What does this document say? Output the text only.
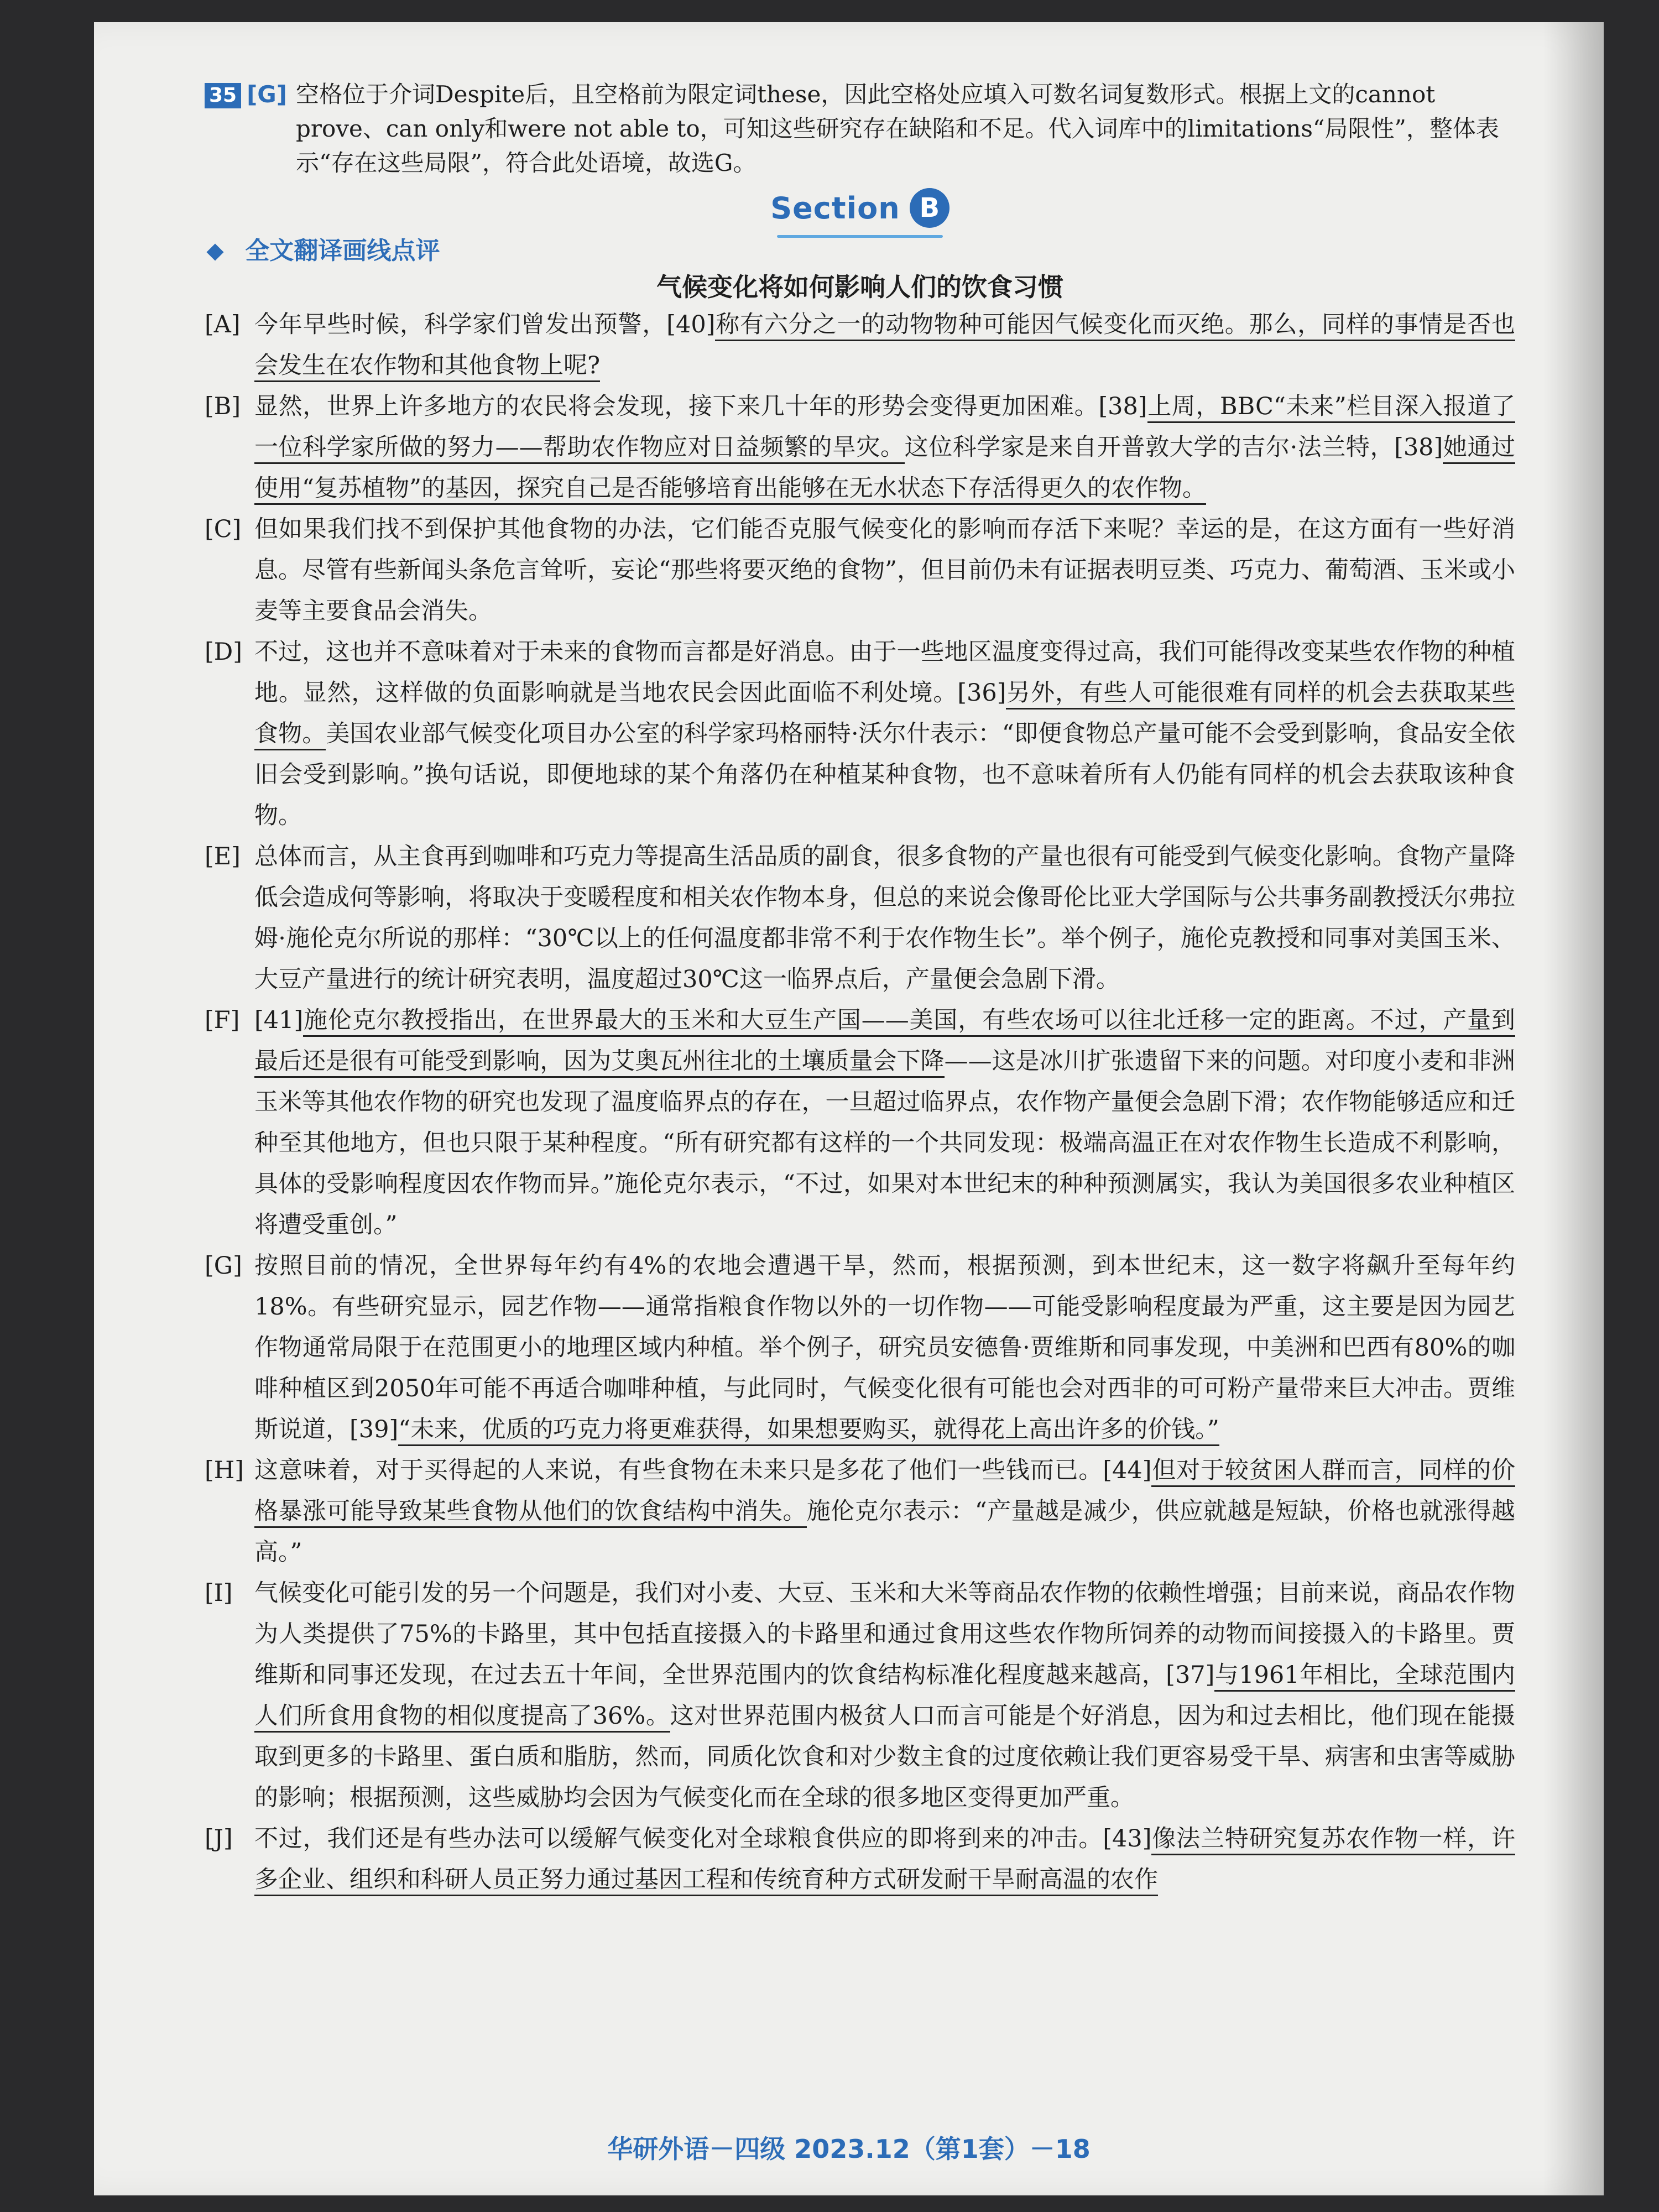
35 [G] 空格位于介词Despite后，且空格前为限定词these，因此空格处应填入可数名词复数形式。根据上文的cannot prove、can only和were not able to，可知这些研究存在缺陷和不足。代入词库中的limitations“局限性”，整体表示“存在这些局限”，符合此处语境，故选G。
Section B
全文翻译画线点评
气候变化将如何影响人们的饮食习惯
[A] 今年早些时候，科学家们曾发出预警，[40]称有六分之一的动物物种可能因气候变化而灭绝。那么，同样的事情是否也会发生在农作物和其他食物上呢?
[B] 显然，世界上许多地方的农民将会发现，接下来几十年的形势会变得更加困难。[38]上周，BBC“未来”栏目深入报道了一位科学家所做的努力——帮助农作物应对日益频繁的旱灾。这位科学家是来自开普敦大学的吉尔·法兰特，[38]她通过使用“复苏植物”的基因，探究自己是否能够培育出能够在无水状态下存活得更久的农作物。
[C] 但如果我们找不到保护其他食物的办法，它们能否克服气候变化的影响而存活下来呢？幸运的是，在这方面有一些好消息。尽管有些新闻头条危言耸听，妄论“那些将要灭绝的食物”，但目前仍未有证据表明豆类、巧克力、葡萄酒、玉米或小麦等主要食品会消失。
[D] 不过，这也并不意味着对于未来的食物而言都是好消息。由于一些地区温度变得过高，我们可能得改变某些农作物的种植地。显然，这样做的负面影响就是当地农民会因此面临不利处境。[36]另外，有些人可能很难有同样的机会去获取某些食物。美国农业部气候变化项目办公室的科学家玛格丽特·沃尔什表示：“即便食物总产量可能不会受到影响，食品安全依旧会受到影响。”换句话说，即便地球的某个角落仍在种植某种食物，也不意味着所有人仍能有同样的机会去获取该种食物。
[E] 总体而言，从主食再到咖啡和巧克力等提高生活品质的副食，很多食物的产量也很有可能受到气候变化影响。食物产量降低会造成何等影响，将取决于变暖程度和相关农作物本身，但总的来说会像哥伦比亚大学国际与公共事务副教授沃尔弗拉姆·施伦克尔所说的那样：“30℃以上的任何温度都非常不利于农作物生长”。举个例子，施伦克教授和同事对美国玉米、大豆产量进行的统计研究表明，温度超过30℃这一临界点后，产量便会急剧下滑。
[F] [41]施伦克尔教授指出，在世界最大的玉米和大豆生产国——美国，有些农场可以往北迁移一定的距离。不过，产量到最后还是很有可能受到影响，因为艾奥瓦州往北的土壤质量会下降——这是冰川扩张遗留下来的问题。对印度小麦和非洲玉米等其他农作物的研究也发现了温度临界点的存在，一旦超过临界点，农作物产量便会急剧下滑；农作物能够适应和迁种至其他地方，但也只限于某种程度。“所有研究都有这样的一个共同发现：极端高温正在对农作物生长造成不利影响，具体的受影响程度因农作物而异。”施伦克尔表示，“不过，如果对本世纪末的种种预测属实，我认为美国很多农业种植区将遭受重创。”
[G] 按照目前的情况，全世界每年约有4%的农地会遭遇干旱，然而，根据预测，到本世纪末，这一数字将飙升至每年约18%。有些研究显示，园艺作物——通常指粮食作物以外的一切作物——可能受影响程度最为严重，这主要是因为园艺作物通常局限于在范围更小的地理区域内种植。举个例子，研究员安德鲁·贾维斯和同事发现，中美洲和巴西有80%的咖啡种植区到2050年可能不再适合咖啡种植，与此同时，气候变化很有可能也会对西非的可可粉产量带来巨大冲击。贾维斯说道，[39]“未来，优质的巧克力将更难获得，如果想要购买，就得花上高出许多的价钱。”
[H] 这意味着，对于买得起的人来说，有些食物在未来只是多花了他们一些钱而已。[44]但对于较贫困人群而言，同样的价格暴涨可能导致某些食物从他们的饮食结构中消失。施伦克尔表示：“产量越是减少，供应就越是短缺，价格也就涨得越高。”
[I] 气候变化可能引发的另一个问题是，我们对小麦、大豆、玉米和大米等商品农作物的依赖性增强；目前来说，商品农作物为人类提供了75%的卡路里，其中包括直接摄入的卡路里和通过食用这些农作物所饲养的动物而间接摄入的卡路里。贾维斯和同事还发现，在过去五十年间，全世界范围内的饮食结构标准化程度越来越高，[37]与1961年相比，全球范围内人们所食用食物的相似度提高了36%。这对世界范围内极贫人口而言可能是个好消息，因为和过去相比，他们现在能摄取到更多的卡路里、蛋白质和脂肪，然而，同质化饮食和对少数主食的过度依赖让我们更容易受干旱、病害和虫害等威胁的影响；根据预测，这些威胁均会因为气候变化而在全球的很多地区变得更加严重。
[J] 不过，我们还是有些办法可以缓解气候变化对全球粮食供应的即将到来的冲击。[43]像法兰特研究复苏农作物一样，许多企业、组织和科研人员正努力通过基因工程和传统育种方式研发耐干旱耐高温的农作
华研外语－四级 2023.12（第1套）－18
